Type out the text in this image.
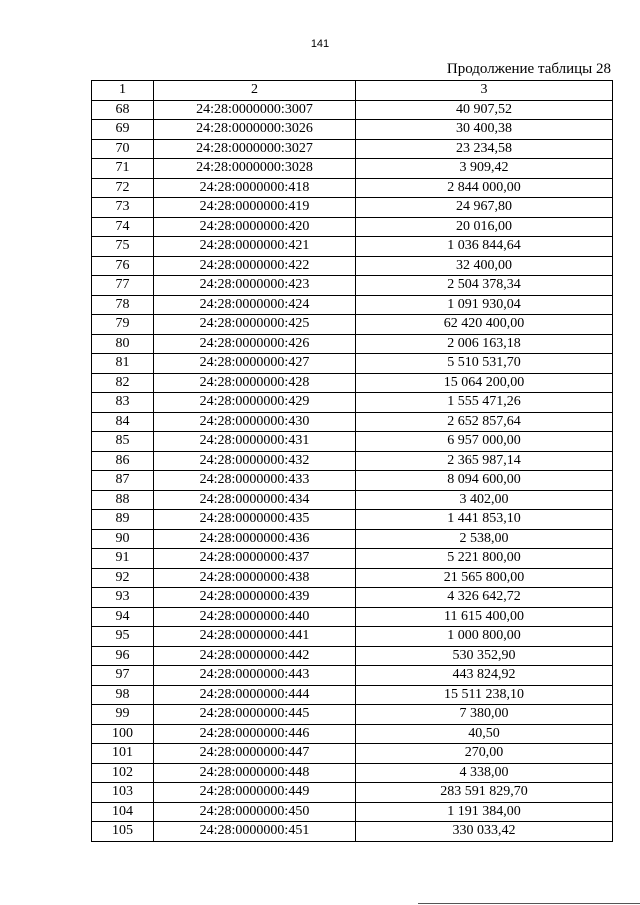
141
Продолжение таблицы 28
1	2	3
68	24:28:0000000:3007	40 907,52
69	24:28:0000000:3026	30 400,38
70	24:28:0000000:3027	23 234,58
71	24:28:0000000:3028	3 909,42
72	24:28:0000000:418	2 844 000,00
73	24:28:0000000:419	24 967,80
74	24:28:0000000:420	20 016,00
75	24:28:0000000:421	1 036 844,64
76	24:28:0000000:422	32 400,00
77	24:28:0000000:423	2 504 378,34
78	24:28:0000000:424	1 091 930,04
79	24:28:0000000:425	62 420 400,00
80	24:28:0000000:426	2 006 163,18
81	24:28:0000000:427	5 510 531,70
82	24:28:0000000:428	15 064 200,00
83	24:28:0000000:429	1 555 471,26
84	24:28:0000000:430	2 652 857,64
85	24:28:0000000:431	6 957 000,00
86	24:28:0000000:432	2 365 987,14
87	24:28:0000000:433	8 094 600,00
88	24:28:0000000:434	3 402,00
89	24:28:0000000:435	1 441 853,10
90	24:28:0000000:436	2 538,00
91	24:28:0000000:437	5 221 800,00
92	24:28:0000000:438	21 565 800,00
93	24:28:0000000:439	4 326 642,72
94	24:28:0000000:440	11 615 400,00
95	24:28:0000000:441	1 000 800,00
96	24:28:0000000:442	530 352,90
97	24:28:0000000:443	443 824,92
98	24:28:0000000:444	15 511 238,10
99	24:28:0000000:445	7 380,00
100	24:28:0000000:446	40,50
101	24:28:0000000:447	270,00
102	24:28:0000000:448	4 338,00
103	24:28:0000000:449	283 591 829,70
104	24:28:0000000:450	1 191 384,00
105	24:28:0000000:451	330 033,42
